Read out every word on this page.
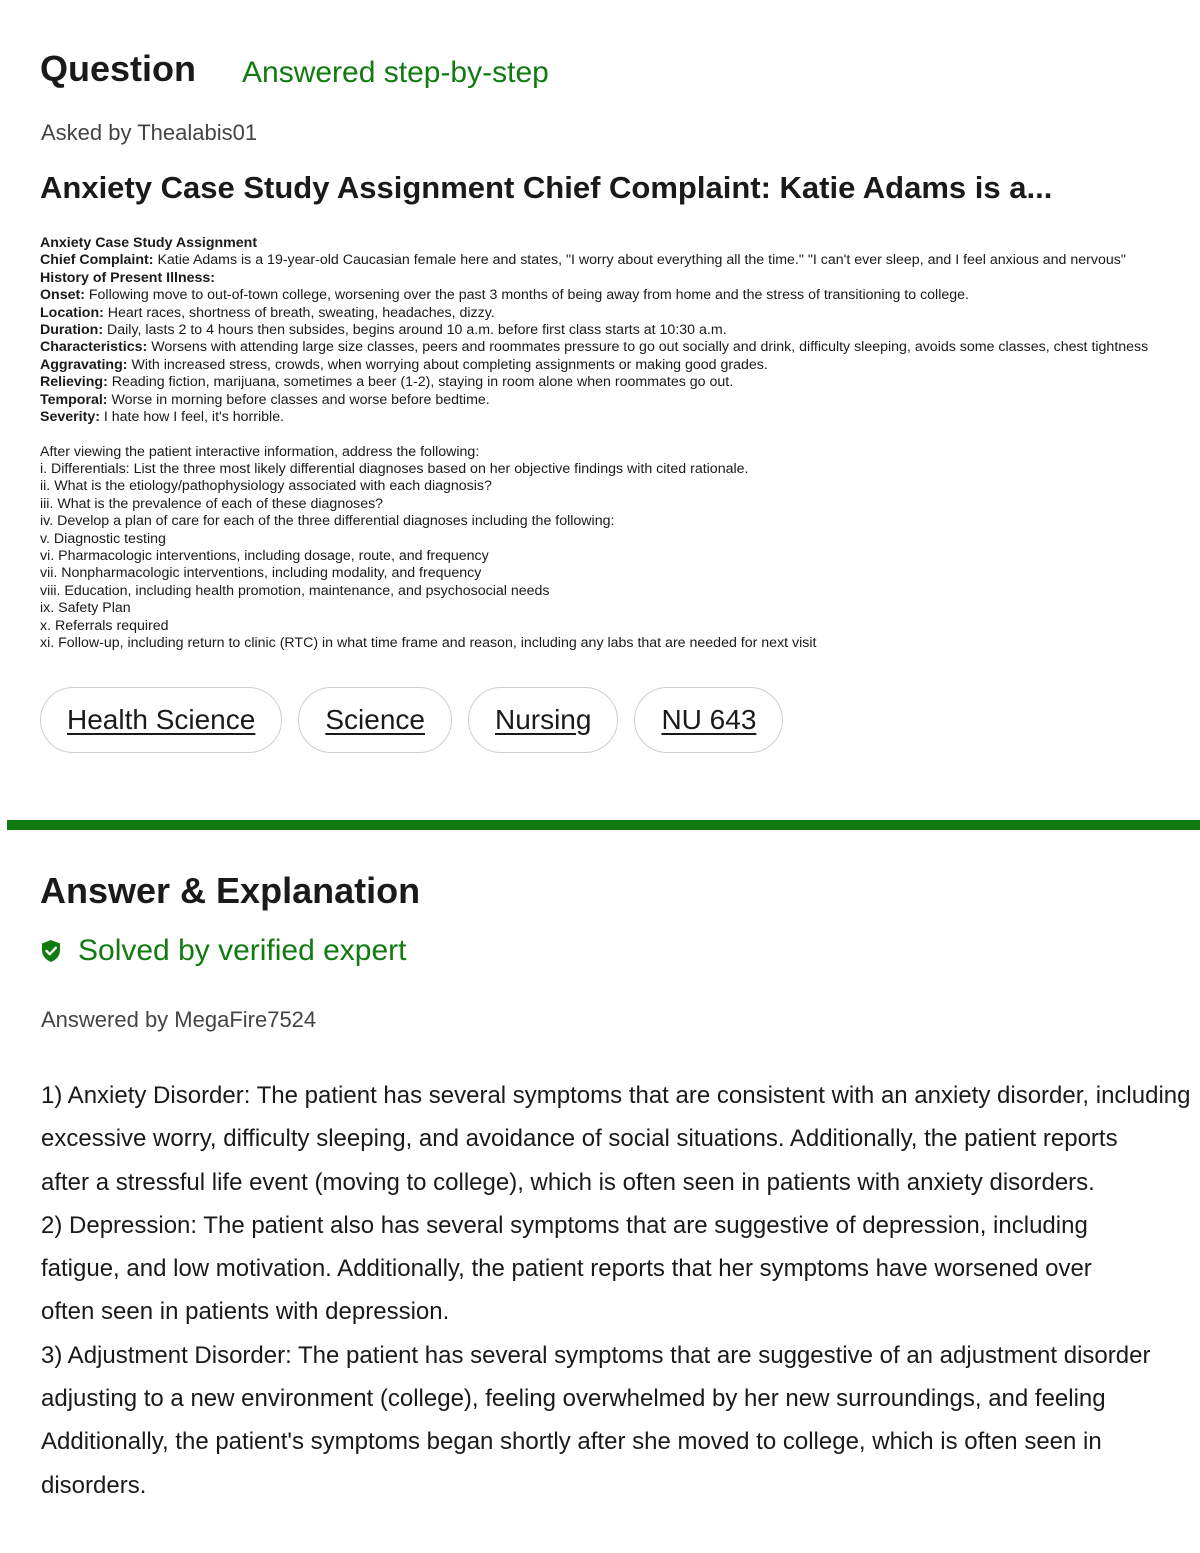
Question Answered step-by-step
Asked by Thealabis01
Anxiety Case Study Assignment Chief Complaint: Katie Adams is a...
Anxiety Case Study Assignment
Chief Complaint: Katie Adams is a 19-year-old Caucasian female here and states, "I worry about everything all the time." "I can't ever sleep, and I feel anxious and nervous"
History of Present Illness:
Onset: Following move to out-of-town college, worsening over the past 3 months of being away from home and the stress of transitioning to college.
Location: Heart races, shortness of breath, sweating, headaches, dizzy.
Duration: Daily, lasts 2 to 4 hours then subsides, begins around 10 a.m. before first class starts at 10:30 a.m.
Characteristics: Worsens with attending large size classes, peers and roommates pressure to go out socially and drink, difficulty sleeping, avoids some classes, chest tightness
Aggravating: With increased stress, crowds, when worrying about completing assignments or making good grades.
Relieving: Reading fiction, marijuana, sometimes a beer (1-2), staying in room alone when roommates go out.
Temporal: Worse in morning before classes and worse before bedtime.
Severity: I hate how I feel, it's horrible.
After viewing the patient interactive information, address the following:
i. Differentials: List the three most likely differential diagnoses based on her objective findings with cited rationale.
ii. What is the etiology/pathophysiology associated with each diagnosis?
iii. What is the prevalence of each of these diagnoses?
iv. Develop a plan of care for each of the three differential diagnoses including the following:
v. Diagnostic testing
vi. Pharmacologic interventions, including dosage, route, and frequency
vii. Nonpharmacologic interventions, including modality, and frequency
viii. Education, including health promotion, maintenance, and psychosocial needs
ix. Safety Plan
x. Referrals required
xi. Follow-up, including return to clinic (RTC) in what time frame and reason, including any labs that are needed for next visit
Health Science	Science	Nursing	NU 643
Answer & Explanation
Solved by verified expert
Answered by MegaFire7524
1) Anxiety Disorder: The patient has several symptoms that are consistent with an anxiety disorder, including
excessive worry, difficulty sleeping, and avoidance of social situations. Additionally, the patient reports
after a stressful life event (moving to college), which is often seen in patients with anxiety disorders.
2) Depression: The patient also has several symptoms that are suggestive of depression, including
fatigue, and low motivation. Additionally, the patient reports that her symptoms have worsened over
often seen in patients with depression.
3) Adjustment Disorder: The patient has several symptoms that are suggestive of an adjustment disorder
adjusting to a new environment (college), feeling overwhelmed by her new surroundings, and feeling
Additionally, the patient's symptoms began shortly after she moved to college, which is often seen in
disorders.
